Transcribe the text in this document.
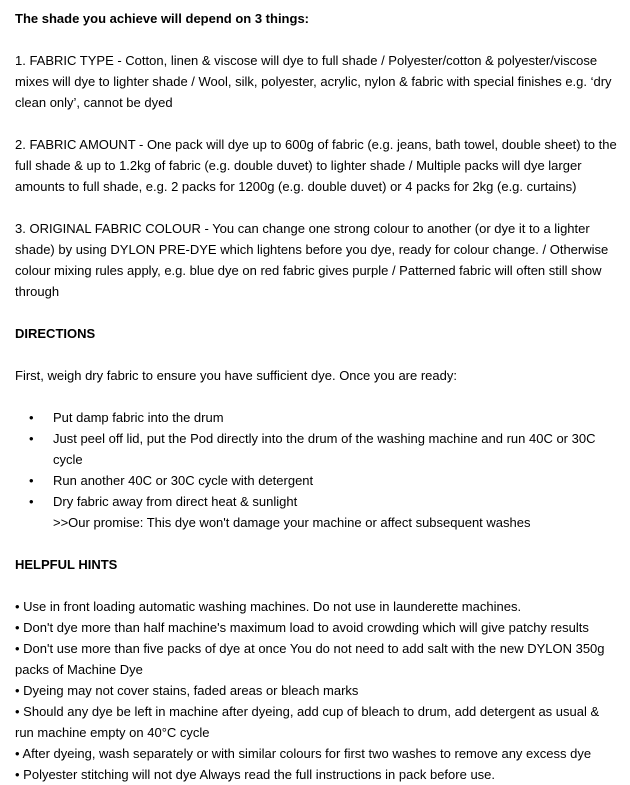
The shade you achieve will depend on 3 things:

1. FABRIC TYPE - Cotton, linen & viscose will dye to full shade / Polyester/cotton & polyester/viscose mixes will dye to lighter shade / Wool, silk, polyester, acrylic, nylon & fabric with special finishes e.g. ‘dry clean only’, cannot be dyed

2. FABRIC AMOUNT - One pack will dye up to 600g of fabric (e.g. jeans, bath towel, double sheet) to the full shade & up to 1.2kg of fabric (e.g. double duvet) to lighter shade / Multiple packs will dye larger amounts to full shade, e.g. 2 packs for 1200g (e.g. double duvet) or 4 packs for 2kg (e.g. curtains)

3. ORIGINAL FABRIC COLOUR - You can change one strong colour to another (or dye it to a lighter shade) by using DYLON PRE-DYE which lightens before you dye, ready for colour change. / Otherwise colour mixing rules apply, e.g. blue dye on red fabric gives purple / Patterned fabric will often still show through

DIRECTIONS

First, weigh dry fabric to ensure you have sufficient dye. Once you are ready:

• Put damp fabric into the drum
• Just peel off lid, put the Pod directly into the drum of the washing machine and run 40C or 30C cycle
• Run another 40C or 30C cycle with detergent
• Dry fabric away from direct heat & sunlight

>>Our promise: This dye won't damage your machine or affect subsequent washes

HELPFUL HINTS

• Use in front loading automatic washing machines. Do not use in launderette machines.

• Don't dye more than half machine's maximum load to avoid crowding which will give patchy results

• Don't use more than five packs of dye at once You do not need to add salt with the new DYLON 350g packs of Machine Dye

• Dyeing may not cover stains, faded areas or bleach marks

• Should any dye be left in machine after dyeing, add cup of bleach to drum, add detergent as usual & run machine empty on 40°C cycle

• After dyeing, wash separately or with similar colours for first two washes to remove any excess dye

• Polyester stitching will not dye Always read the full instructions in pack before use.
